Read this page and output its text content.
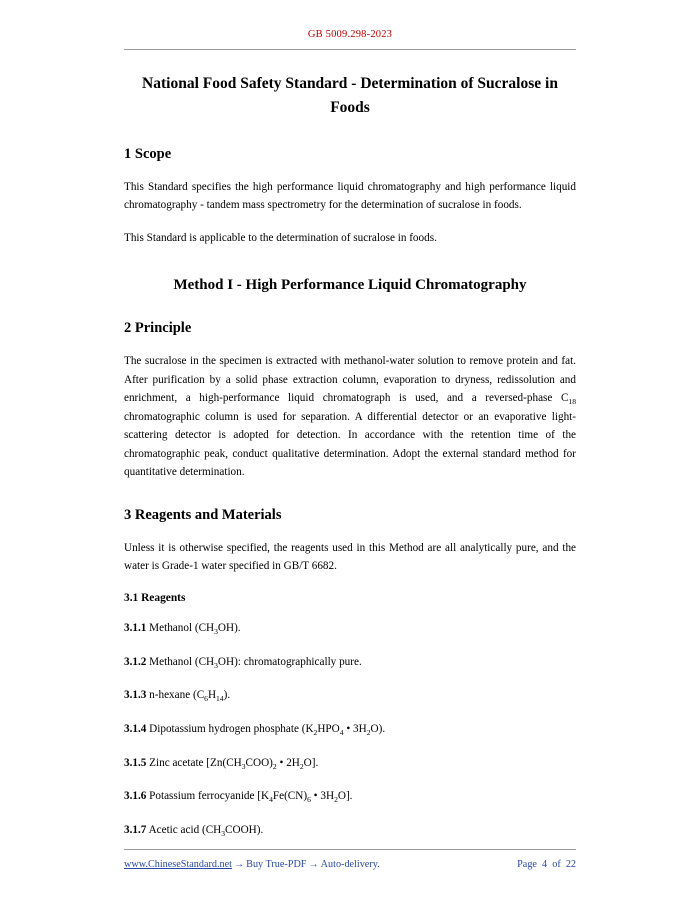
GB 5009.298-2023
National Food Safety Standard - Determination of Sucralose in Foods
1 Scope

This Standard specifies the high performance liquid chromatography and high performance liquid chromatography - tandem mass spectrometry for the determination of sucralose in foods.

This Standard is applicable to the determination of sucralose in foods.

Method I - High Performance Liquid Chromatography
2 Principle

The sucralose in the specimen is extracted with methanol-water solution to remove protein and fat. After purification by a solid phase extraction column, evaporation to dryness, redissolution and enrichment, a high-performance liquid chromatograph is used, and a reversed-phase $C_{18}$ chromatographic column is used for separation. A differential detector or an evaporative light-scattering detector is adopted for detection. In accordance with the retention time of the chromatographic peak, conduct qualitative determination. Adopt the external standard method for quantitative determination.

3 Reagents and Materials

Unless it is otherwise specified, the reagents used in this Method are all analytically pure, and the water is Grade-1 water specified in GB/T 6682.

3.1 Reagents

3.1.1 Methanol $(CH_3OH)$.

3.1.2 Methanol $(CH_3OH)$: chromatographically pure.

3.1.3 n-hexane $(C_6H_{14})$.

3.1.4 Dipotassium hydrogen phosphate ($K_2HPO_4$ • $3H_2O$).

3.1.5 Zinc acetate [$Zn(CH_3COO)_2$ • $2H_2O$].

3.1.6 Potassium ferrocyanide [$K_4Fe(CN)_6$ • $3H_2O$].

3.1.7 Acetic acid $(CH_3COOH)$.

www.ChineseStandard.net → Buy True-PDF → Auto-delivery.	Page 4 of 22
